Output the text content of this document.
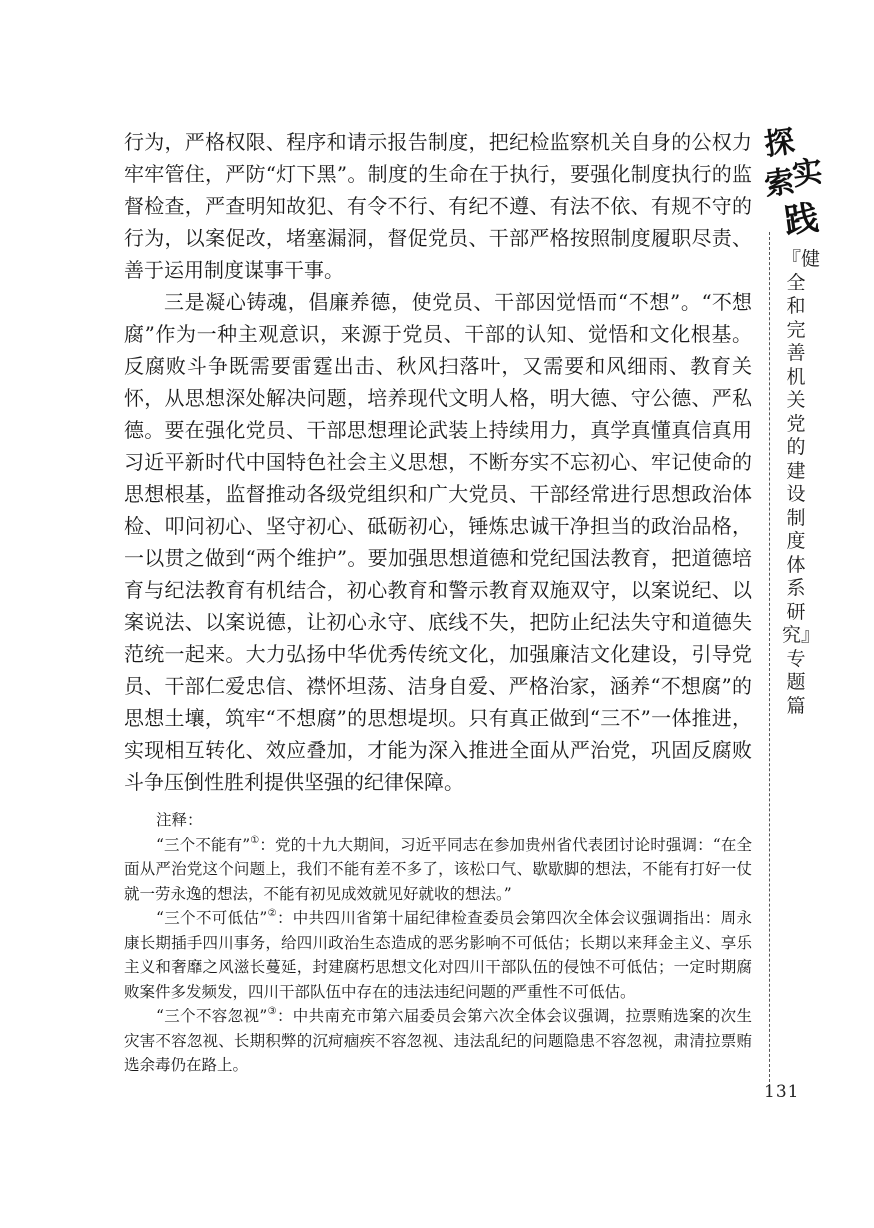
行为，严格权限、程序和请示报告制度，把纪检监察机关自身的公权力牢牢管住，严防“灯下黑”。制度的生命在于执行，要强化制度执行的监督检查，严查明知故犯、有令不行、有纪不遵、有法不依、有规不守的行为，以案促改，堵塞漏洞，督促党员、干部严格按照制度履职尽责、善于运用制度谋事干事。

三是凝心铸魂，倡廉养德，使党员、干部因觉悟而“不想”。“不想腐”作为一种主观意识，来源于党员、干部的认知、觉悟和文化根基。反腐败斗争既需要雷霆出击、秋风扫落叶，又需要和风细雨、教育关怀，从思想深处解决问题，培养现代文明人格，明大德、守公德、严私德。要在强化党员、干部思想理论武装上持续用力，真学真懂真信真用习近平新时代中国特色社会主义思想，不断夯实不忘初心、牢记使命的思想根基，监督推动各级党组织和广大党员、干部经常进行思想政治体检、叩问初心、坚守初心、砥砺初心，锤炼忠诚干净担当的政治品格，一以贯之做到“两个维护”。要加强思想道德和党纪国法教育，把道德培育与纪法教育有机结合，初心教育和警示教育双施双守，以案说纪、以案说法、以案说德，让初心永守、底线不失，把防止纪法失守和道德失范统一起来。大力弘扬中华优秀传统文化，加强廉洁文化建设，引导党员、干部仁爱忠信、襟怀坦荡、洁身自爱、严格治家，涵养“不想腐”的思想土壤，筑牢“不想腐”的思想堤坝。只有真正做到“三不”一体推进，实现相互转化、效应叠加，才能为深入推进全面从严治党，巩固反腐败斗争压倒性胜利提供坚强的纪律保障。

注释：

“三个不能有”①：党的十九大期间，习近平同志在参加贵州省代表团讨论时强调：“在全面从严治党这个问题上，我们不能有差不多了，该松口气、歇歇脚的想法，不能有打好一仗就一劳永逸的想法，不能有初见成效就见好就收的想法。”

“三个不可低估”②：中共四川省第十届纪律检查委员会第四次全体会议强调指出：周永康长期插手四川事务，给四川政治生态造成的恶劣影响不可低估；长期以来拜金主义、享乐主义和奢靡之风滋长蔓延，封建腐朽思想文化对四川干部队伍的侵蚀不可低估；一定时期腐败案件多发频发，四川干部队伍中存在的违法违纪问题的严重性不可低估。

“三个不容忽视”③：中共南充市第六届委员会第六次全体会议强调，拉票贿选案的次生灾害不容忽视、长期积弊的沉疴痼疾不容忽视、违法乱纪的问题隐患不容忽视，肃清拉票贿选余毒仍在路上。

探
实
索
践
『健全和完善机关党的建设制度体系研究』专题篇
131
